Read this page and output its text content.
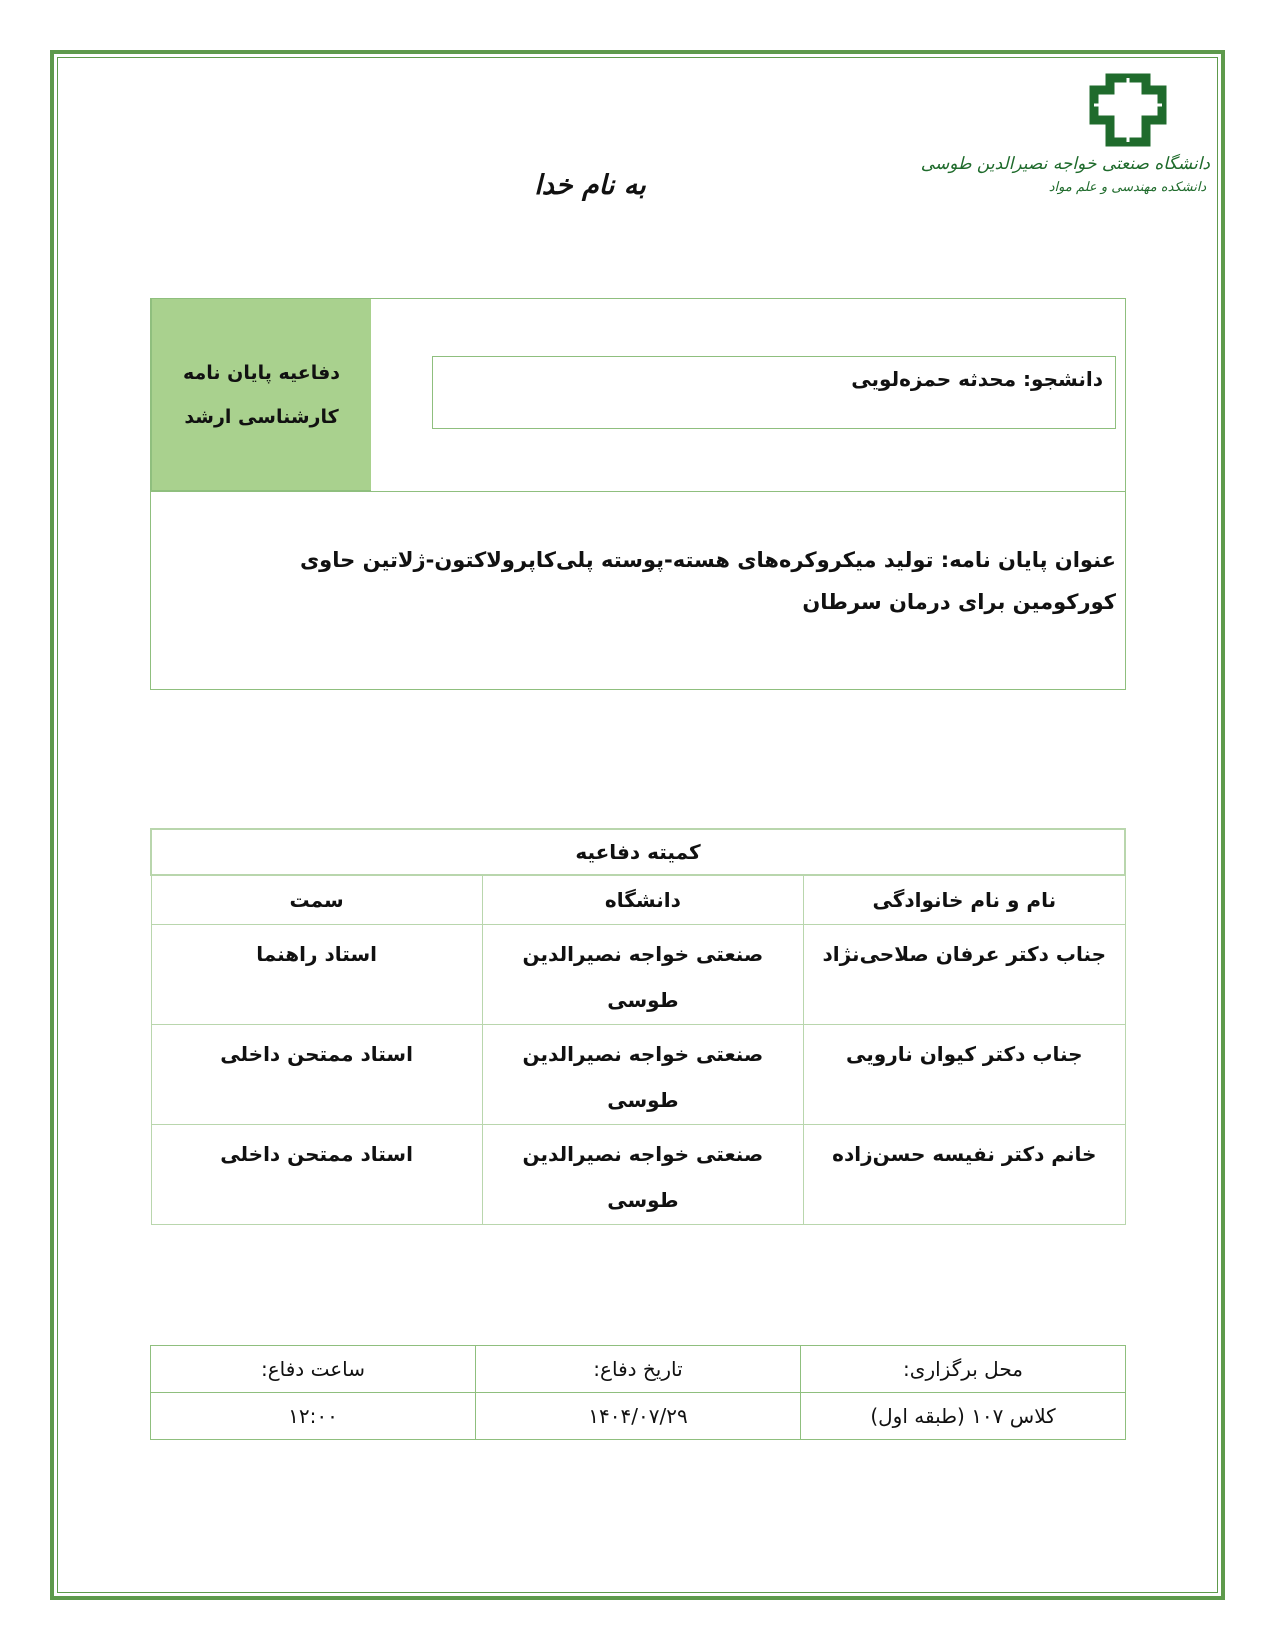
دانشگاه صنعتی خواجه نصیرالدین طوسی
دانشکده مهندسی و علم مواد
به نام خدا
دفاعیه پایان نامه
کارشناسی ارشد
دانشجو: محدثه حمزه‌لویی
عنوان پایان نامه: تولید میکروکره‌های هسته-پوسته پلی‌کاپرولاکتون-ژلاتین حاوی کورکومین برای درمان سرطان
کمیته دفاعیه		
نام و نام خانوادگی	دانشگاه	سمت
جناب دکتر عرفان صلاحی‌نژاد	صنعتی خواجه نصیرالدین طوسی	استاد راهنما
جناب دکتر کیوان نارویی	صنعتی خواجه نصیرالدین طوسی	استاد ممتحن داخلی
خانم دکتر نفیسه حسن‌زاده	صنعتی خواجه نصیرالدین طوسی	استاد ممتحن داخلی
محل برگزاری:	تاریخ دفاع:	ساعت دفاع:
کلاس ۱۰۷ (طبقه اول)	۱۴۰۴/۰۷/۲۹	۱۲:۰۰
